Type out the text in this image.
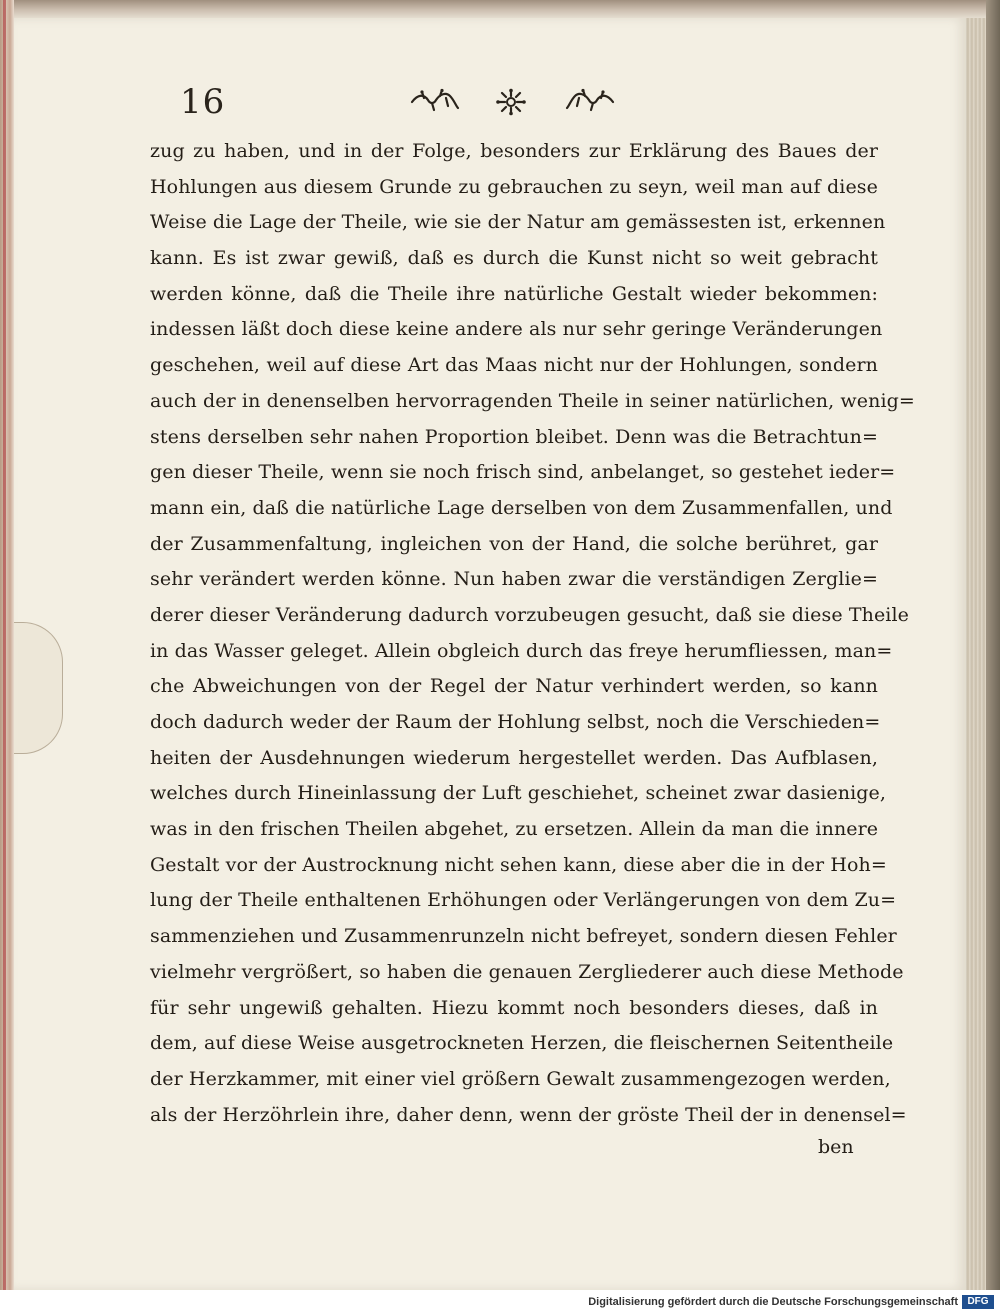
16
zug zu haben, und in der Folge, besonders zur Erklärung des Baues der
Hohlungen aus diesem Grunde zu gebrauchen zu seyn, weil man auf diese
Weise die Lage der Theile, wie sie der Natur am gemässesten ist, erkennen
kann. Es ist zwar gewiß, daß es durch die Kunst nicht so weit gebracht
werden könne, daß die Theile ihre natürliche Gestalt wieder bekommen:
indessen läßt doch diese keine andere als nur sehr geringe Veränderungen
geschehen, weil auf diese Art das Maas nicht nur der Hohlungen, sondern
auch der in denenselben hervorragenden Theile in seiner natürlichen, wenig=
stens derselben sehr nahen Proportion bleibet. Denn was die Betrachtun=
gen dieser Theile, wenn sie noch frisch sind, anbelanget, so gestehet ieder=
mann ein, daß die natürliche Lage derselben von dem Zusammenfallen, und
der Zusammenfaltung, ingleichen von der Hand, die solche berühret, gar
sehr verändert werden könne. Nun haben zwar die verständigen Zerglie=
derer dieser Veränderung dadurch vorzubeugen gesucht, daß sie diese Theile
in das Wasser geleget. Allein obgleich durch das freye herumfliessen, man=
che Abweichungen von der Regel der Natur verhindert werden, so kann
doch dadurch weder der Raum der Hohlung selbst, noch die Verschieden=
heiten der Ausdehnungen wiederum hergestellet werden. Das Aufblasen,
welches durch Hineinlassung der Luft geschiehet, scheinet zwar dasienige,
was in den frischen Theilen abgehet, zu ersetzen. Allein da man die innere
Gestalt vor der Austrocknung nicht sehen kann, diese aber die in der Hoh=
lung der Theile enthaltenen Erhöhungen oder Verlängerungen von dem Zu=
sammenziehen und Zusammenrunzeln nicht befreyet, sondern diesen Fehler
vielmehr vergrößert, so haben die genauen Zergliederer auch diese Methode
für sehr ungewiß gehalten. Hiezu kommt noch besonders dieses, daß in
dem, auf diese Weise ausgetrockneten Herzen, die fleischernen Seitentheile
der Herzkammer, mit einer viel größern Gewalt zusammengezogen werden,
als der Herzöhrlein ihre, daher denn, wenn der gröste Theil der in denensel=
ben
Digitalisierung gefördert durch die Deutsche Forschungsgemeinschaft DFG
